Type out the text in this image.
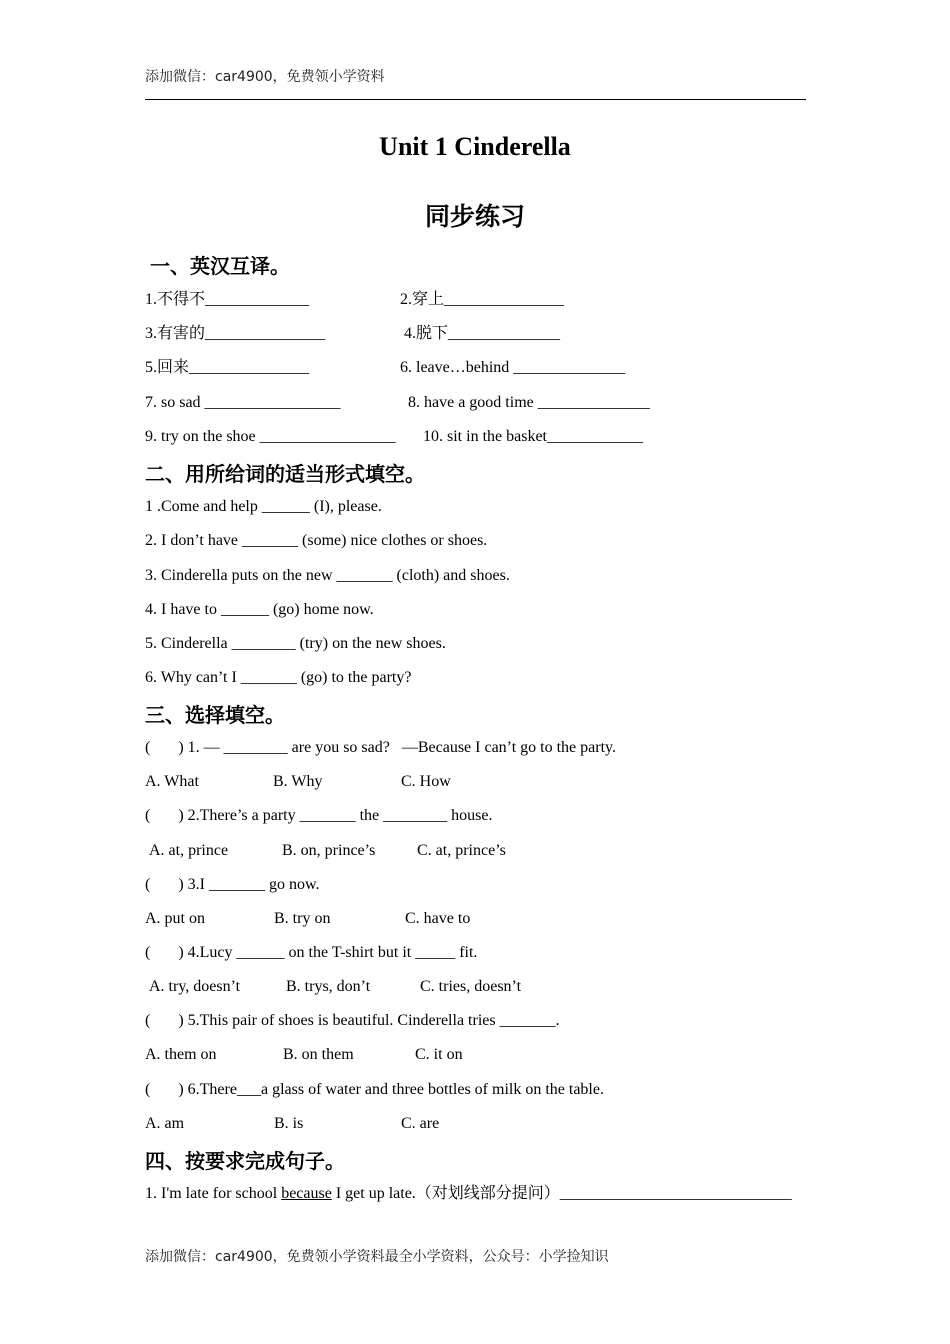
添加微信：car4900，免费领小学资料
Unit 1 Cinderella
同步练习
一、英汉互译。
1.不得不_____________	2.穿上_______________
3.有害的_______________	4.脱下______________
5.回来_______________	6. leave…behind ______________
7. so sad _________________	8. have a good time ______________
9. try on the shoe _________________ 10. sit in the basket____________
二、用所给词的适当形式填空。
1 .Come and help ______ (I), please.
2. I don’t have _______ (some) nice clothes or shoes.
3. Cinderella puts on the new _______ (cloth) and shoes.
4. I have to ______ (go) home now.
5. Cinderella ________ (try) on the new shoes.
6. Why can’t I _______ (go) to the party?
三、选择填空。
(       ) 1. — ________ are you so sad?   —Because I can’t go to the party.
A. What	B. Why	C. How
(       ) 2.There’s a party _______ the ________ house.
A. at, prince	B. on, prince’s	C. at, prince’s
(       ) 3.I _______ go now.
A. put on	B. try on	C. have to
(       ) 4.Lucy ______ on the T-shirt but it _____ fit.
A. try, doesn’t	B. trys, don’t	C. tries, doesn’t
(       ) 5.This pair of shoes is beautiful. Cinderella tries _______.
A. them on	B. on them	C. it on
(       ) 6.There___a glass of water and three bottles of milk on the table.
A. am	B. is	C. are
四、按要求完成句子。
1. I'm late for school because I get up late.（对划线部分提问）_____________________________
添加微信：car4900，免费领小学资料最全小学资料，公众号：小学捡知识
